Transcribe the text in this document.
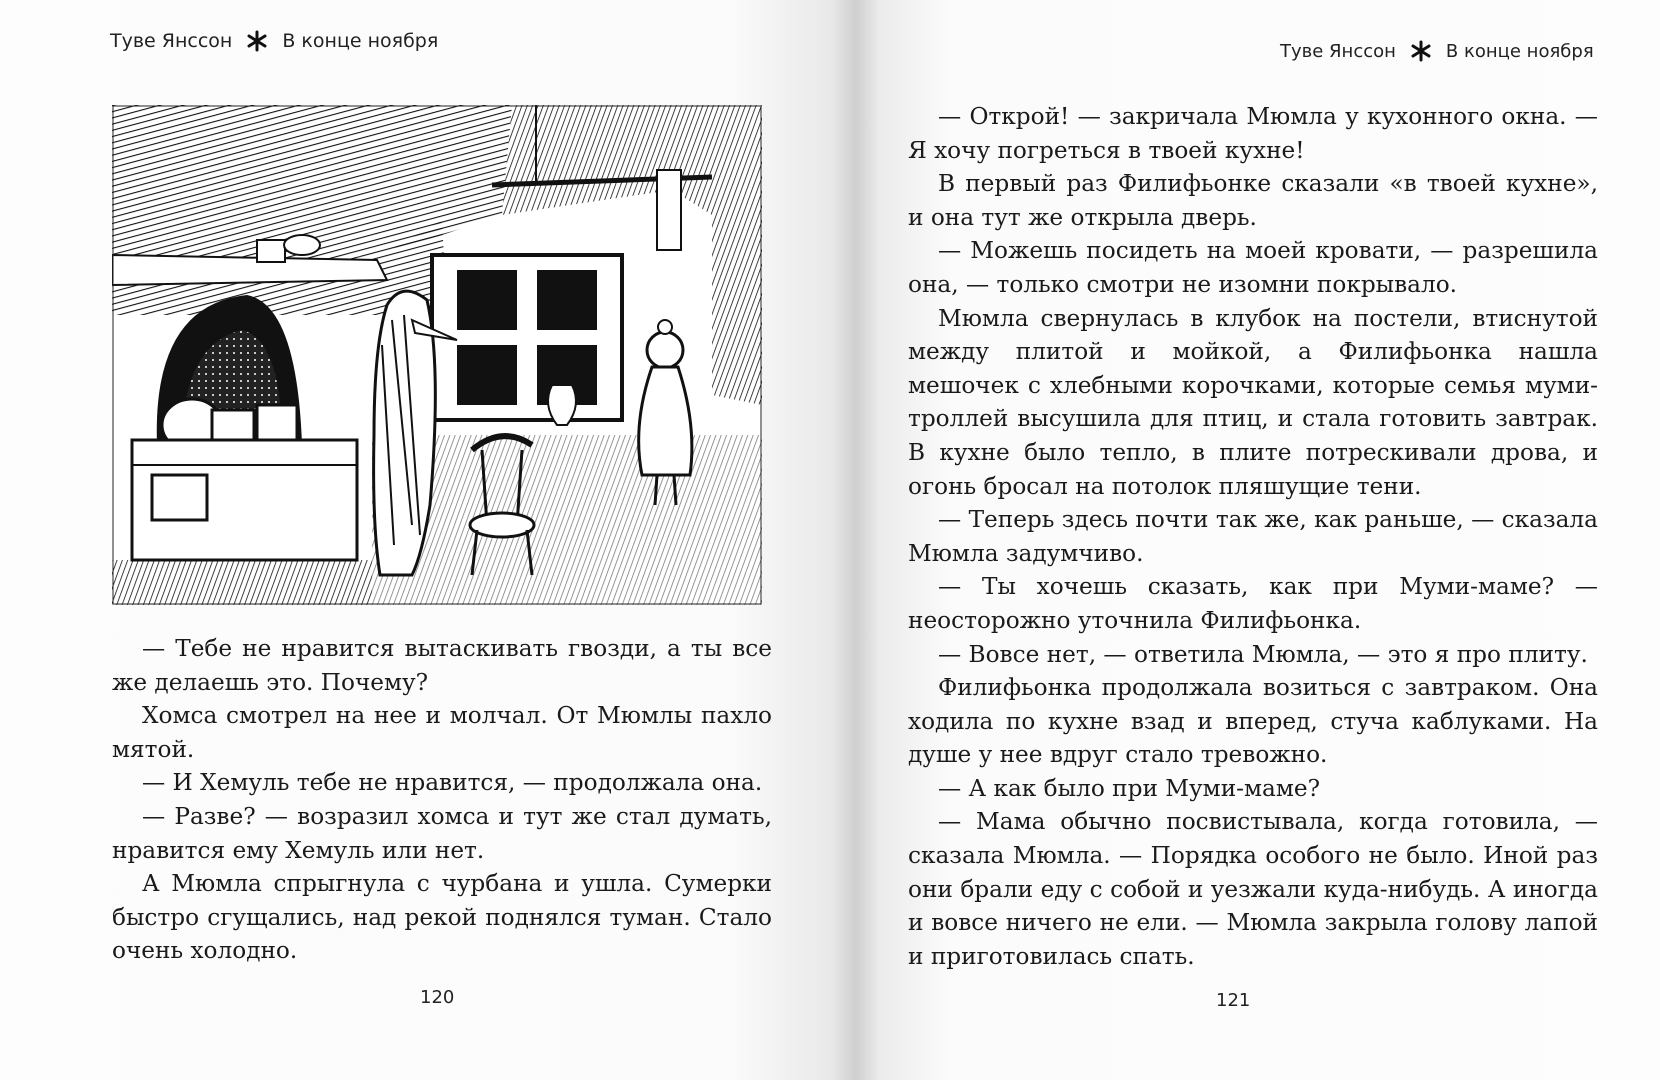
Туве Янссон	В конце ноября

— Тебе не нравится вытаскивать гвозди, а ты все же делаешь это. Почему?

Хомса смотрел на нее и молчал. От Мюмлы пахло мятой.

— И Хемуль тебе не нравится, — продолжала она.

— Разве? — возразил хомса и тут же стал думать, нравится ему Хемуль или нет.

А Мюмла спрыгнула с чурбана и ушла. Сумерки быстро сгущались, над рекой поднялся туман. Стало очень холодно.

120
Туве Янссон	В конце ноября

— Открой! — закричала Мюмла у кухонного окна. — Я хочу погреться в твоей кухне!

В первый раз Филифьонке сказали «в твоей кухне», и она тут же открыла дверь.

— Можешь посидеть на моей кровати, — разрешила она, — только смотри не изомни покрывало.

Мюмла свернулась в клубок на постели, втиснутой между плитой и мойкой, а Филифьонка нашла мешочек с хлебными корочками, которые семья муми-троллей высушила для птиц, и стала готовить завтрак. В кухне было тепло, в плите потрескивали дрова, и огонь бросал на потолок пляшущие тени.

— Теперь здесь почти так же, как раньше, — сказала Мюмла задумчиво.

— Ты хочешь сказать, как при Муми-маме? — неосторожно уточнила Филифьонка.

— Вовсе нет, — ответила Мюмла, — это я про плиту.

Филифьонка продолжала возиться с завтраком. Она ходила по кухне взад и вперед, стуча каблуками. На душе у нее вдруг стало тревожно.

— А как было при Муми-маме?

— Мама обычно посвистывала, когда готовила, — сказала Мюмла. — Порядка особого не было. Иной раз они брали еду с собой и уезжали куда-нибудь. А иногда и вовсе ничего не ели. — Мюмла закрыла голову лапой и приготовилась спать.

121
